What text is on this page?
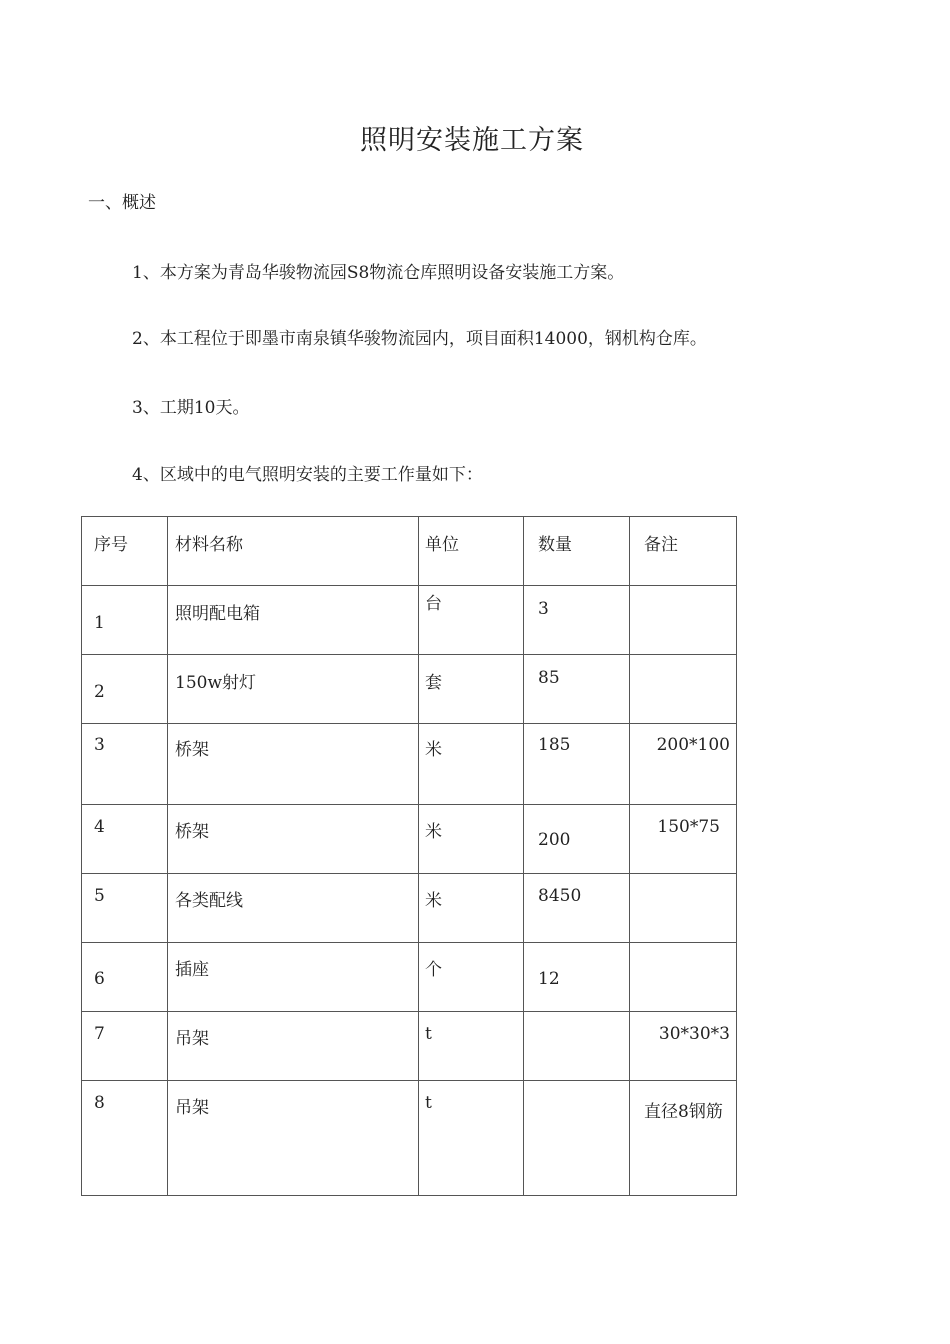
照明安装施工方案
一、概述
1、本方案为青岛华骏物流园S8物流仓库照明设备安装施工方案。
2、本工程位于即墨市南泉镇华骏物流园内，项目面积14000，钢机构仓库。
3、工期10天。
4、区域中的电气照明安装的主要工作量如下：
序号	材料名称	单位	数量	备注

1	照明配电箱	台	3	

2	150w射灯	套	85	

3	桥架	米	185	200*100

4	桥架	米	200	150*75

5	各类配线	米	8450	

6	插座	个	12	

7	吊架	t		30*30*3

8	吊架	t		直径8钢筋
